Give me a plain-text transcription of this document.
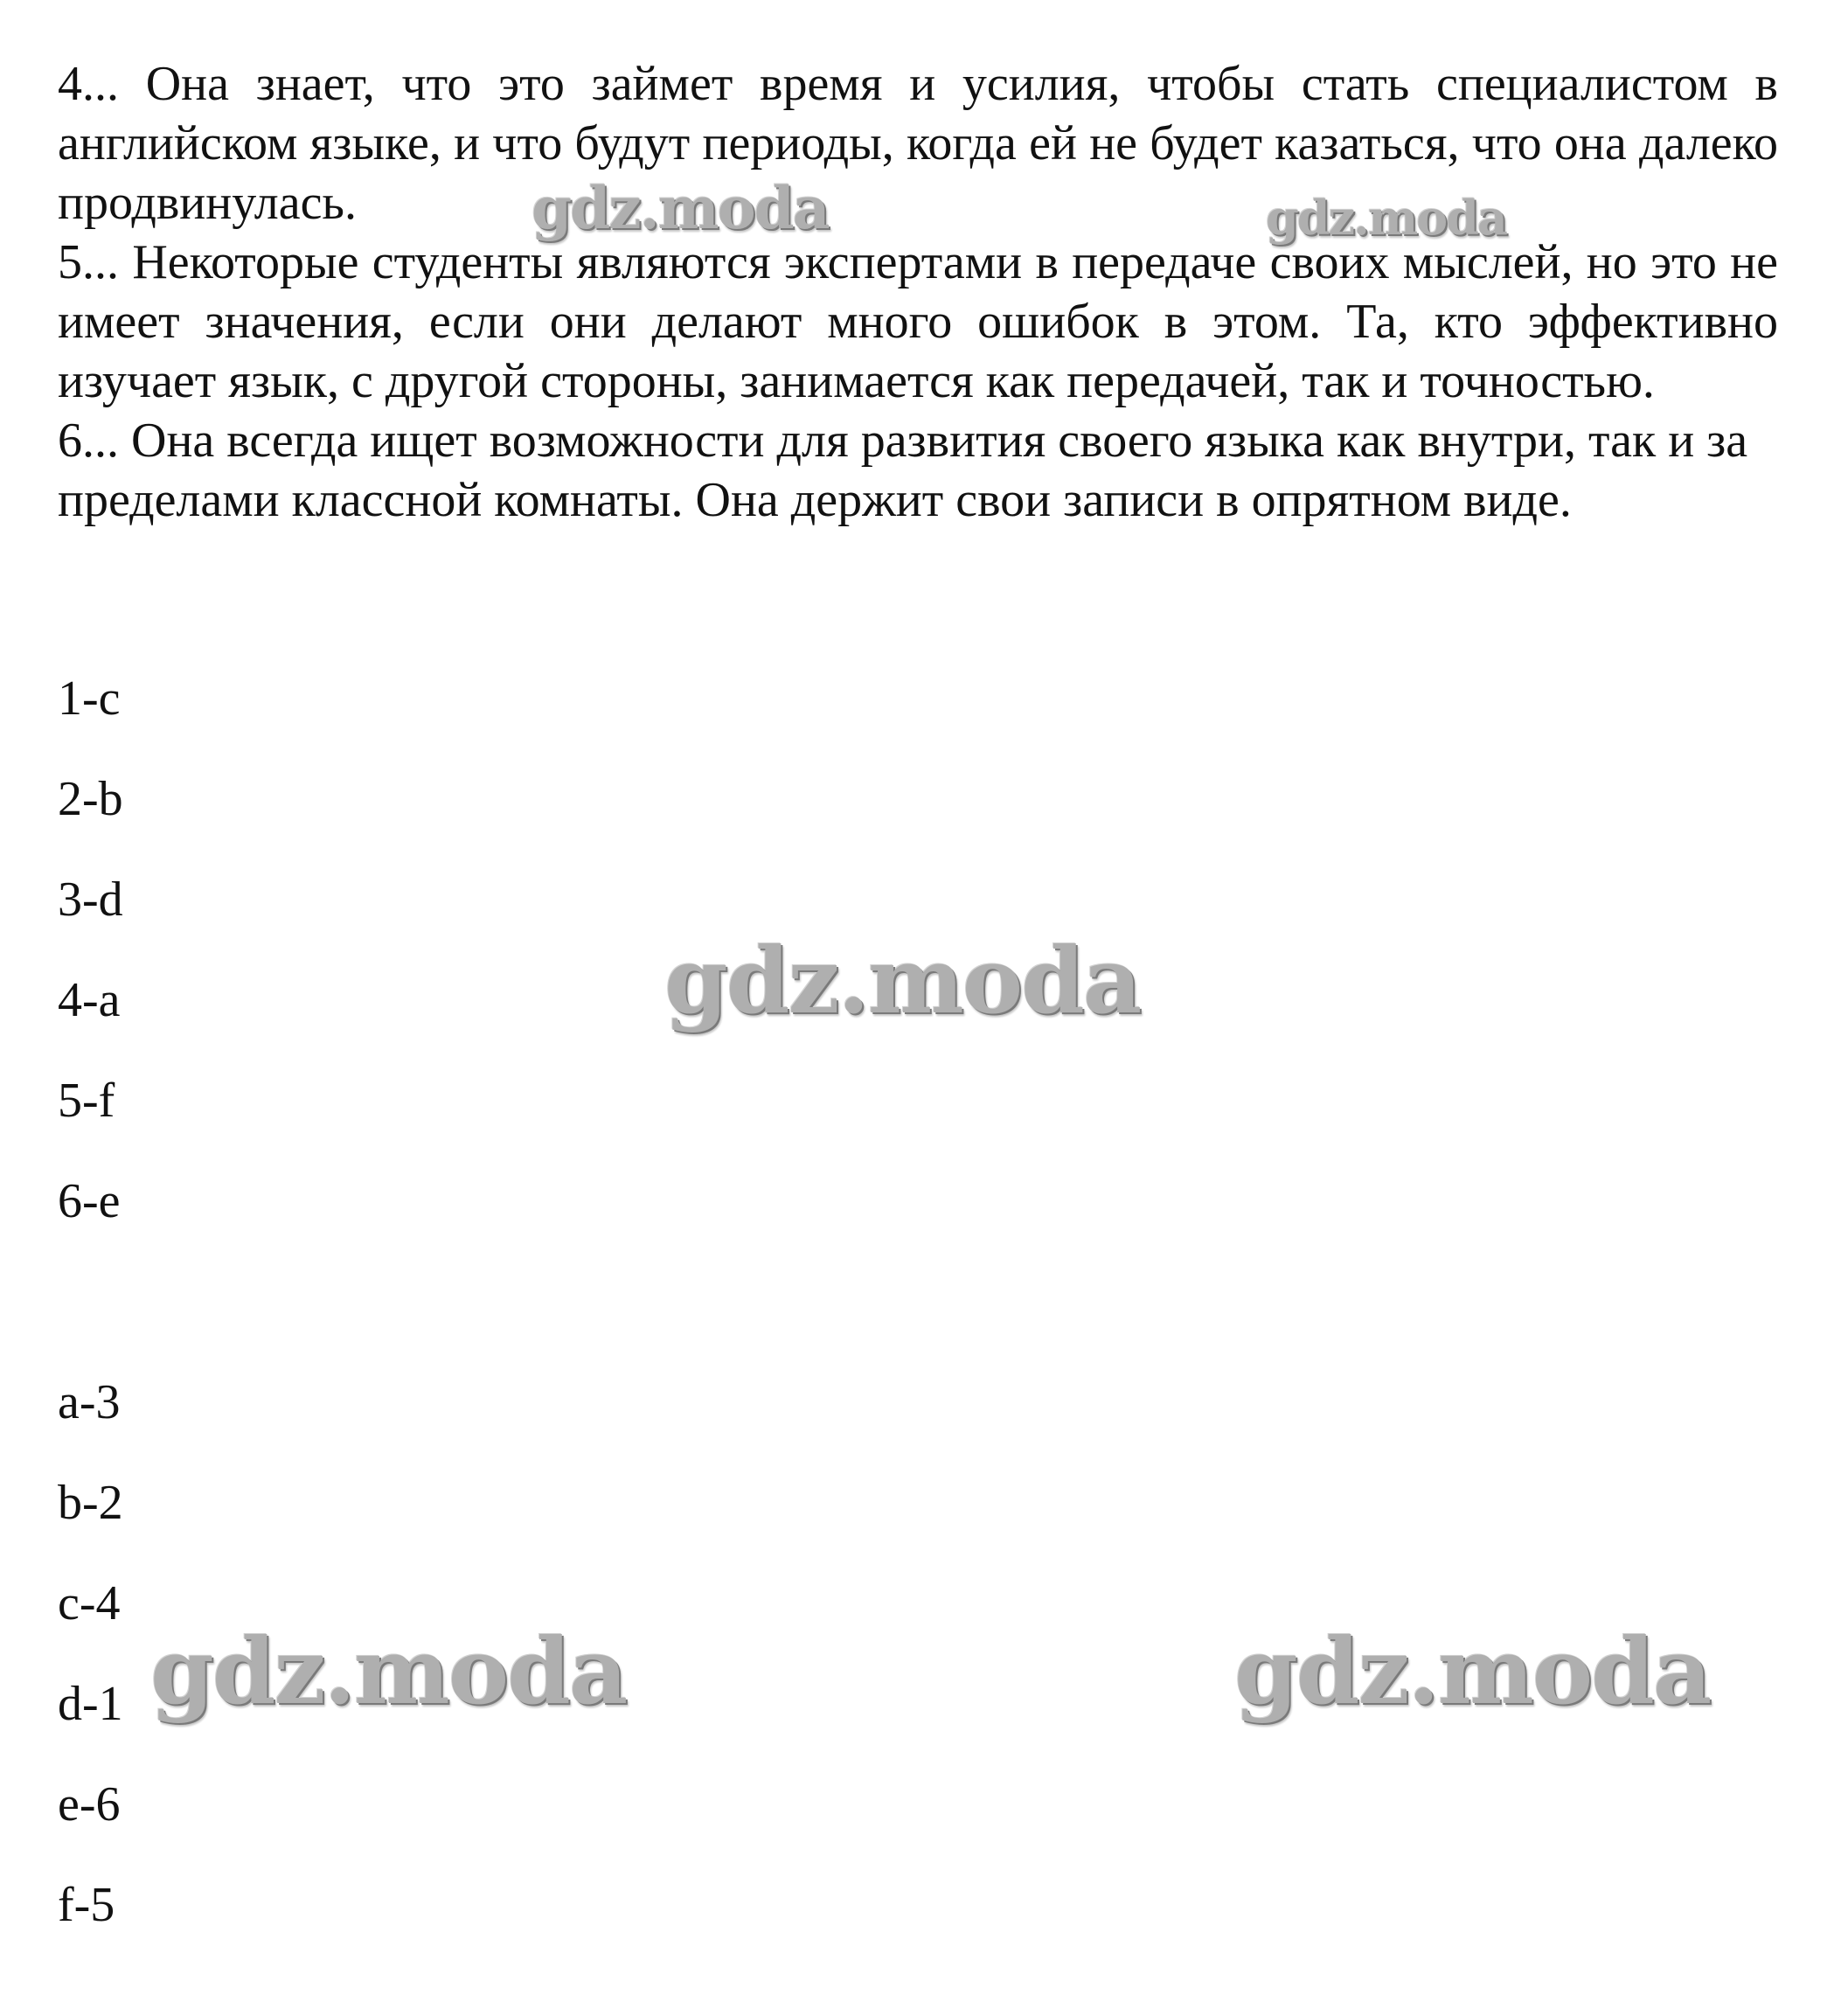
4... Она знает, что это займет время и усилия, чтобы стать специалистом в английском языке, и что будут периоды, когда ей не будет казаться, что она далеко продвинулась.

5... Некоторые студенты являются экспертами в передаче своих мыслей, но это не имеет значения, если они делают много ошибок в этом. Та, кто эффективно изучает язык, с другой стороны, занимается как передачей, так и точностью.

6... Она всегда ищет возможности для развития своего языка как внутри, так и за пределами классной комнаты. Она держит свои записи в опрятном виде.

1-c

2-b

3-d

4-a

5-f

6-e

a-3

b-2

c-4

d-1

e-6

f-5

gdz.moda	gdz.moda
gdz.moda
gdz.moda	gdz.moda
